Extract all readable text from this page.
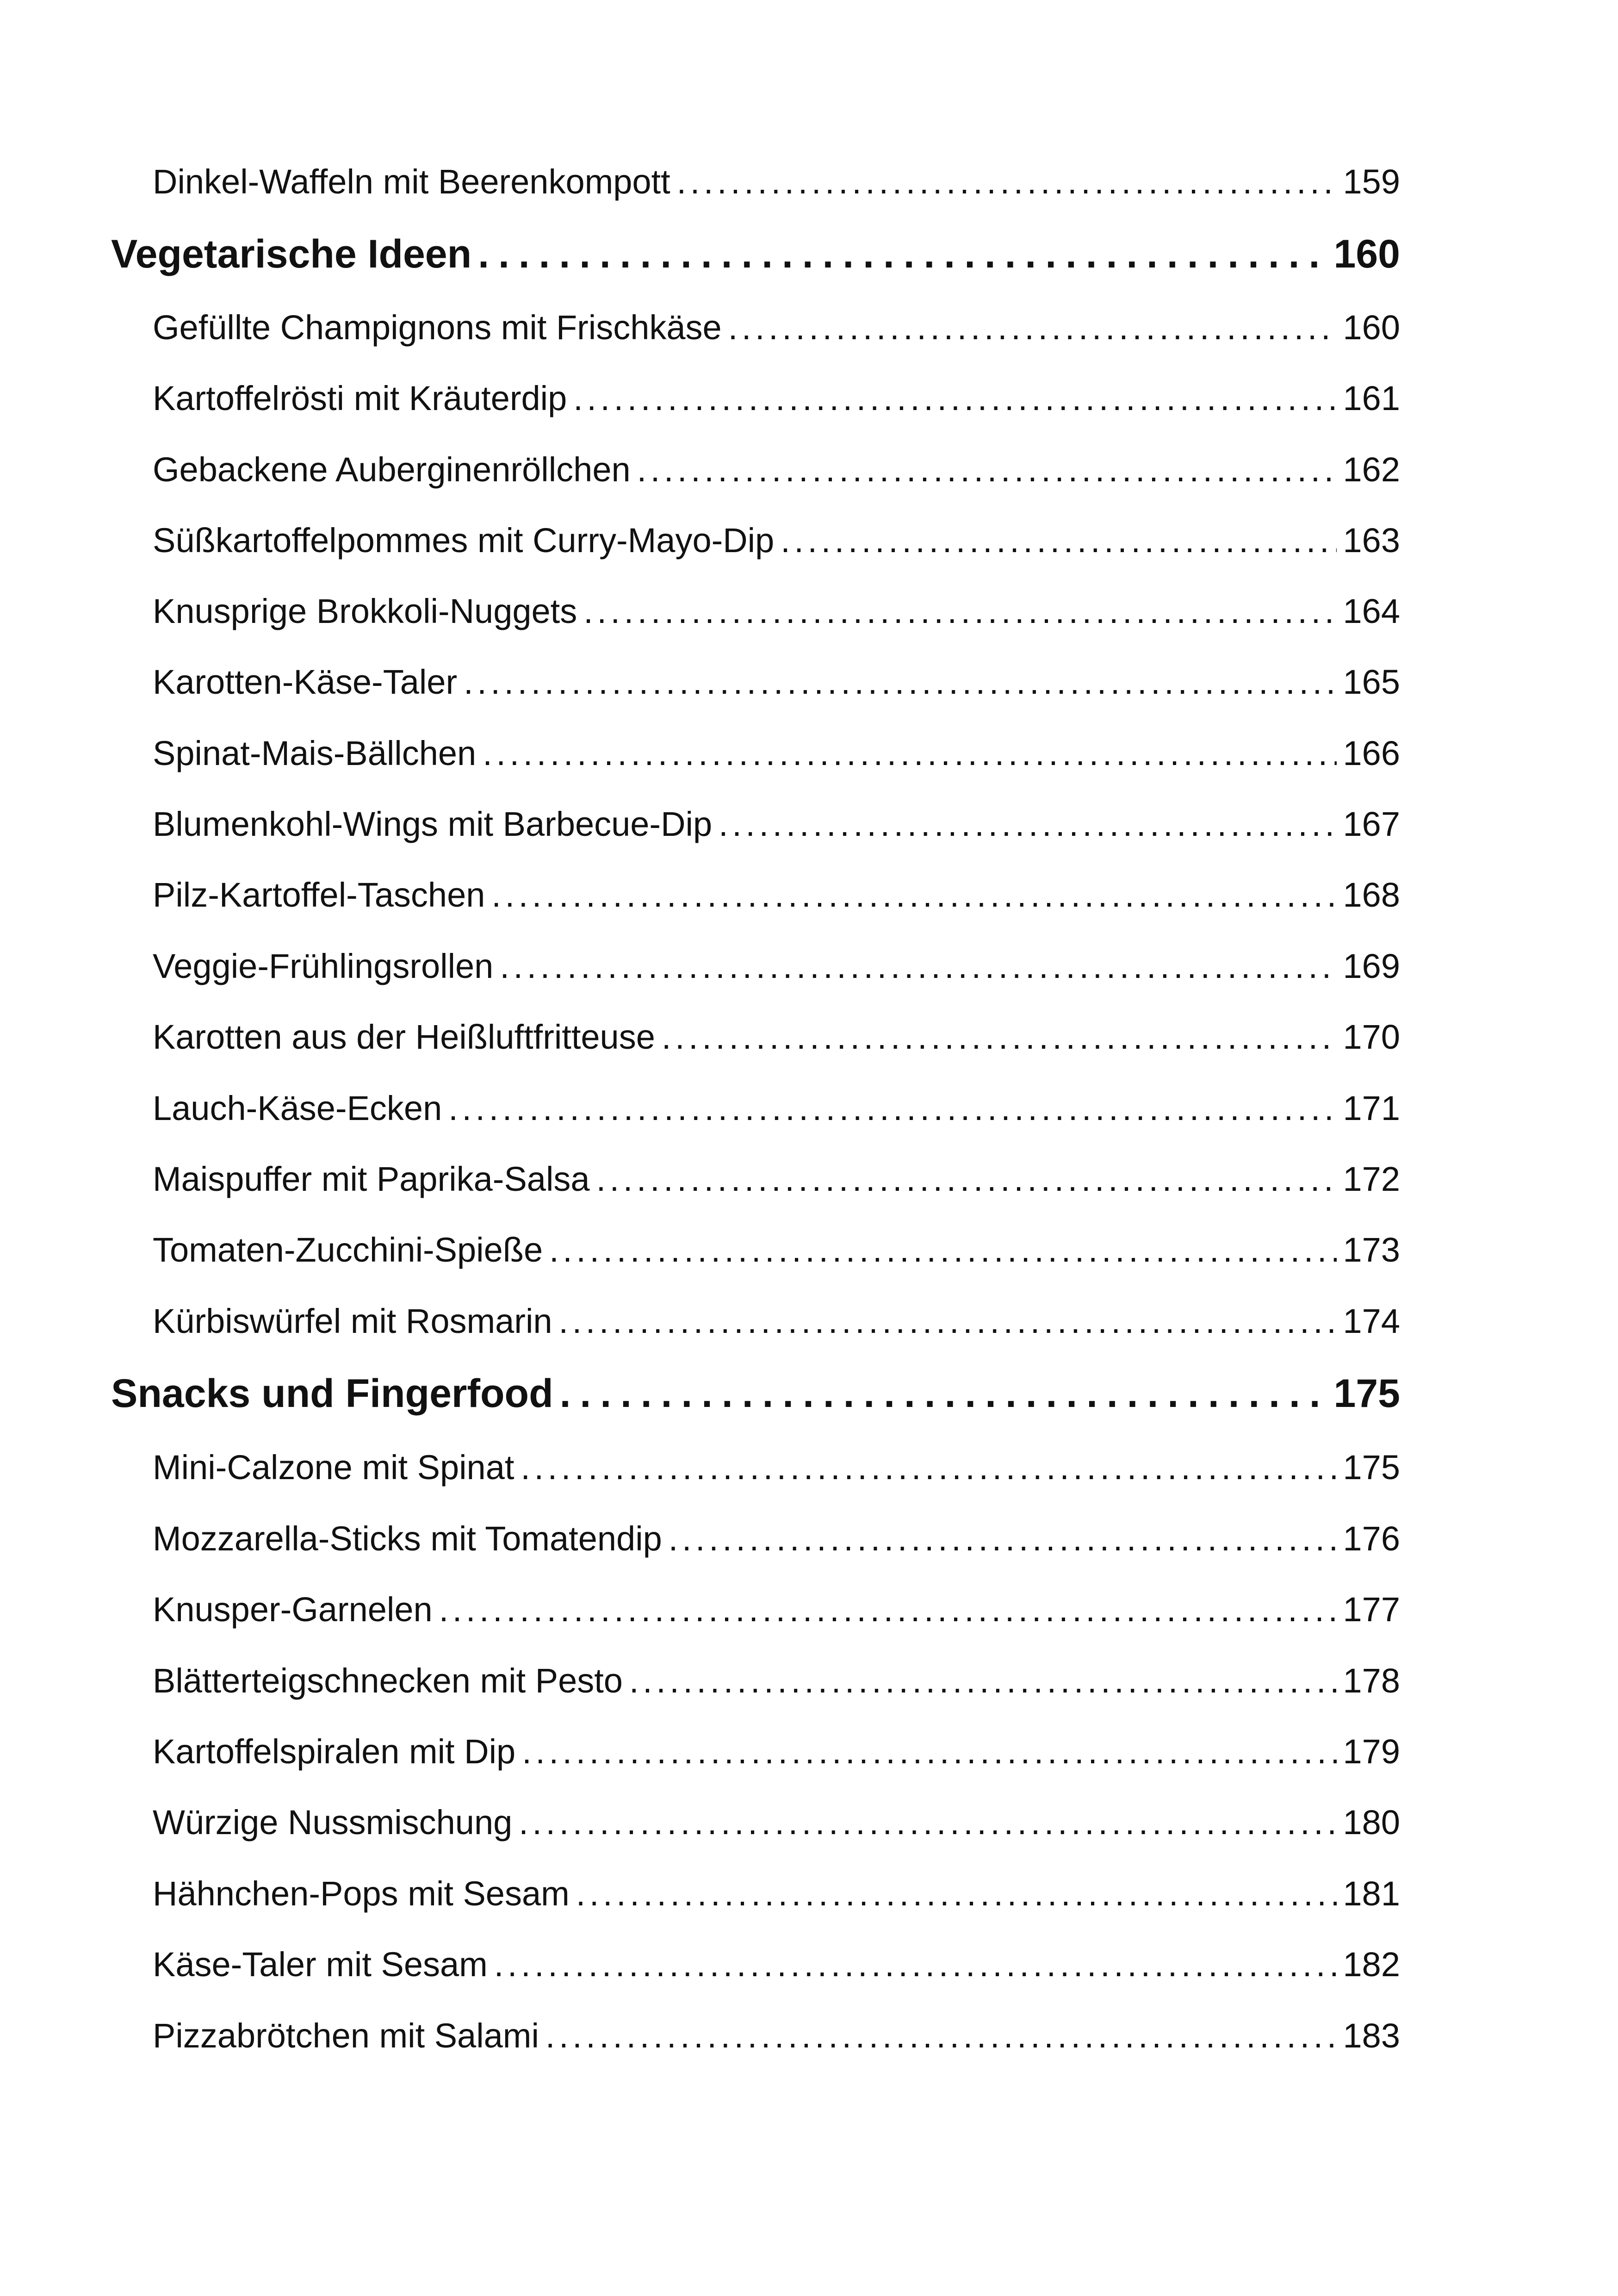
Dinkel-Waffeln mit Beerenkompott . . .	159
Vegetarische Ideen . . .	160
Gefüllte Champignons mit Frischkäse . . .	160
Kartoffelrösti mit Kräuterdip . . .	161
Gebackene Auberginenröllchen . . .	162
Süßkartoffelpommes mit Curry-Mayo-Dip . . .	163
Knusprige Brokkoli-Nuggets . . .	164
Karotten-Käse-Taler . . .	165
Spinat-Mais-Bällchen . . .	166
Blumenkohl-Wings mit Barbecue-Dip . . .	167
Pilz-Kartoffel-Taschen . . .	168
Veggie-Frühlingsrollen . . .	169
Karotten aus der Heißluftfritteuse . . .	170
Lauch-Käse-Ecken . . .	171
Maispuffer mit Paprika-Salsa . . .	172
Tomaten-Zucchini-Spieße . . .	173
Kürbiswürfel mit Rosmarin . . .	174
Snacks und Fingerfood . . .	175
Mini-Calzone mit Spinat . . .	175
Mozzarella-Sticks mit Tomatendip . . .	176
Knusper-Garnelen . . .	177
Blätterteigschnecken mit Pesto . . .	178
Kartoffelspiralen mit Dip . . .	179
Würzige Nussmischung . . .	180
Hähnchen-Pops mit Sesam . . .	181
Käse-Taler mit Sesam . . .	182
Pizzabrötchen mit Salami . . .	183
